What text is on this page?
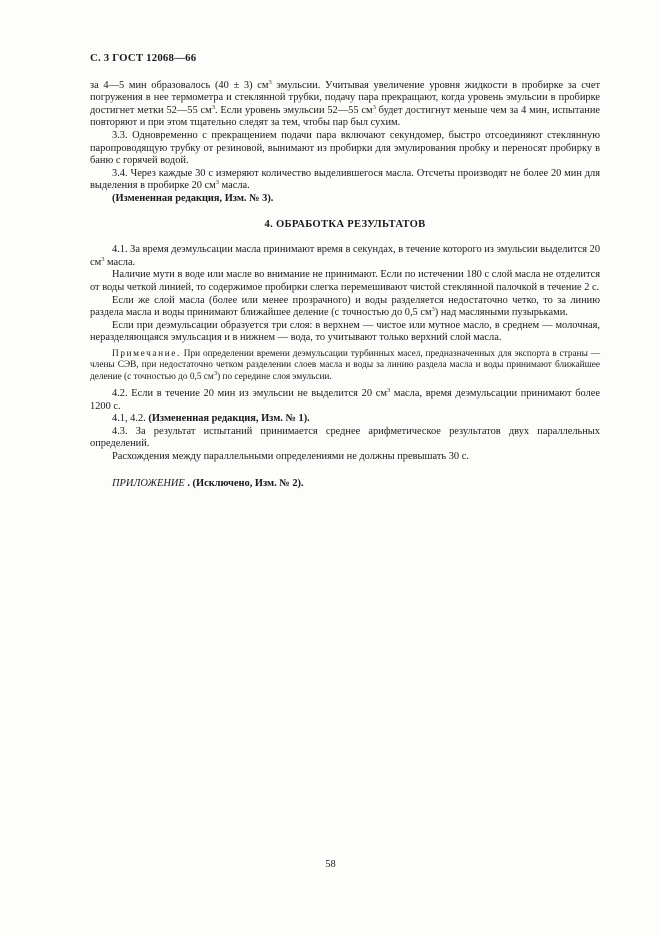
С. 3 ГОСТ 12068—66

за 4—5 мин образовалось (40 ± 3) $см^3$ эмульсии. Учитывая увеличение уровня жидкости в пробирке за счет погружения в нее термометра и стеклянной трубки, подачу пара прекращают, когда уровень эмульсии в пробирке достигнет метки 52—55 $см^3$. Если уровень эмульсии 52—55 $см^3$ будет достигнут меньше чем за 4 мин, испытание повторяют и при этом тщательно следят за тем, чтобы пар был сухим.

3.3. Одновременно с прекращением подачи пара включают секундомер, быстро отсоединяют стеклянную паропроводящую трубку от резиновой, вынимают из пробирки для эмулирования пробку и переносят пробирку в баню с горячей водой.

3.4. Через каждые 30 с измеряют количество выделившегося масла. Отсчеты производят не более 20 мин для выделения в пробирке 20 $см^3$ масла.

(Измененная редакция, Изм. № 3).

4. ОБРАБОТКА РЕЗУЛЬТАТОВ

4.1. За время деэмульсации масла принимают время в секундах, в течение которого из эмульсии выделится 20 $см^3$ масла.

Наличие мути в воде или масле во внимание не принимают. Если по истечении 180 с слой масла не отделится от воды четкой линией, то содержимое пробирки слегка перемешивают чистой стеклянной палочкой в течение 2 с.

Если же слой масла (более или менее прозрачного) и воды разделяется недостаточно четко, то за линию раздела масла и воды принимают ближайшее деление (с точностью до 0,5 $см^3$) над масляными пузырьками.

Если при деэмульсации образуется три слоя: в верхнем — чистое или мутное масло, в среднем — молочная, неразделяющаяся эмульсация и в нижнем — вода, то учитывают только верхний слой масла.

Примечание. При определении времени деэмульсации турбинных масел, предназначенных для экспорта в страны — члены СЭВ, при недостаточно четком разделении слоев масла и воды за линию раздела масла и воды принимают ближайшее деление (с точностью до 0,5 $см^3$) по середине слоя эмульсии.

4.2. Если в течение 20 мин из эмульсии не выделится 20 $см^3$ масла, время деэмульсации принимают более 1200 с.

4.1, 4.2. (Измененная редакция, Изм. № 1).

4.3. За результат испытаний принимается среднее арифметическое результатов двух параллельных определений.

Расхождения между параллельными определениями не должны превышать 30 с.

ПРИЛОЖЕНИЕ . (Исключено, Изм. № 2).

58
